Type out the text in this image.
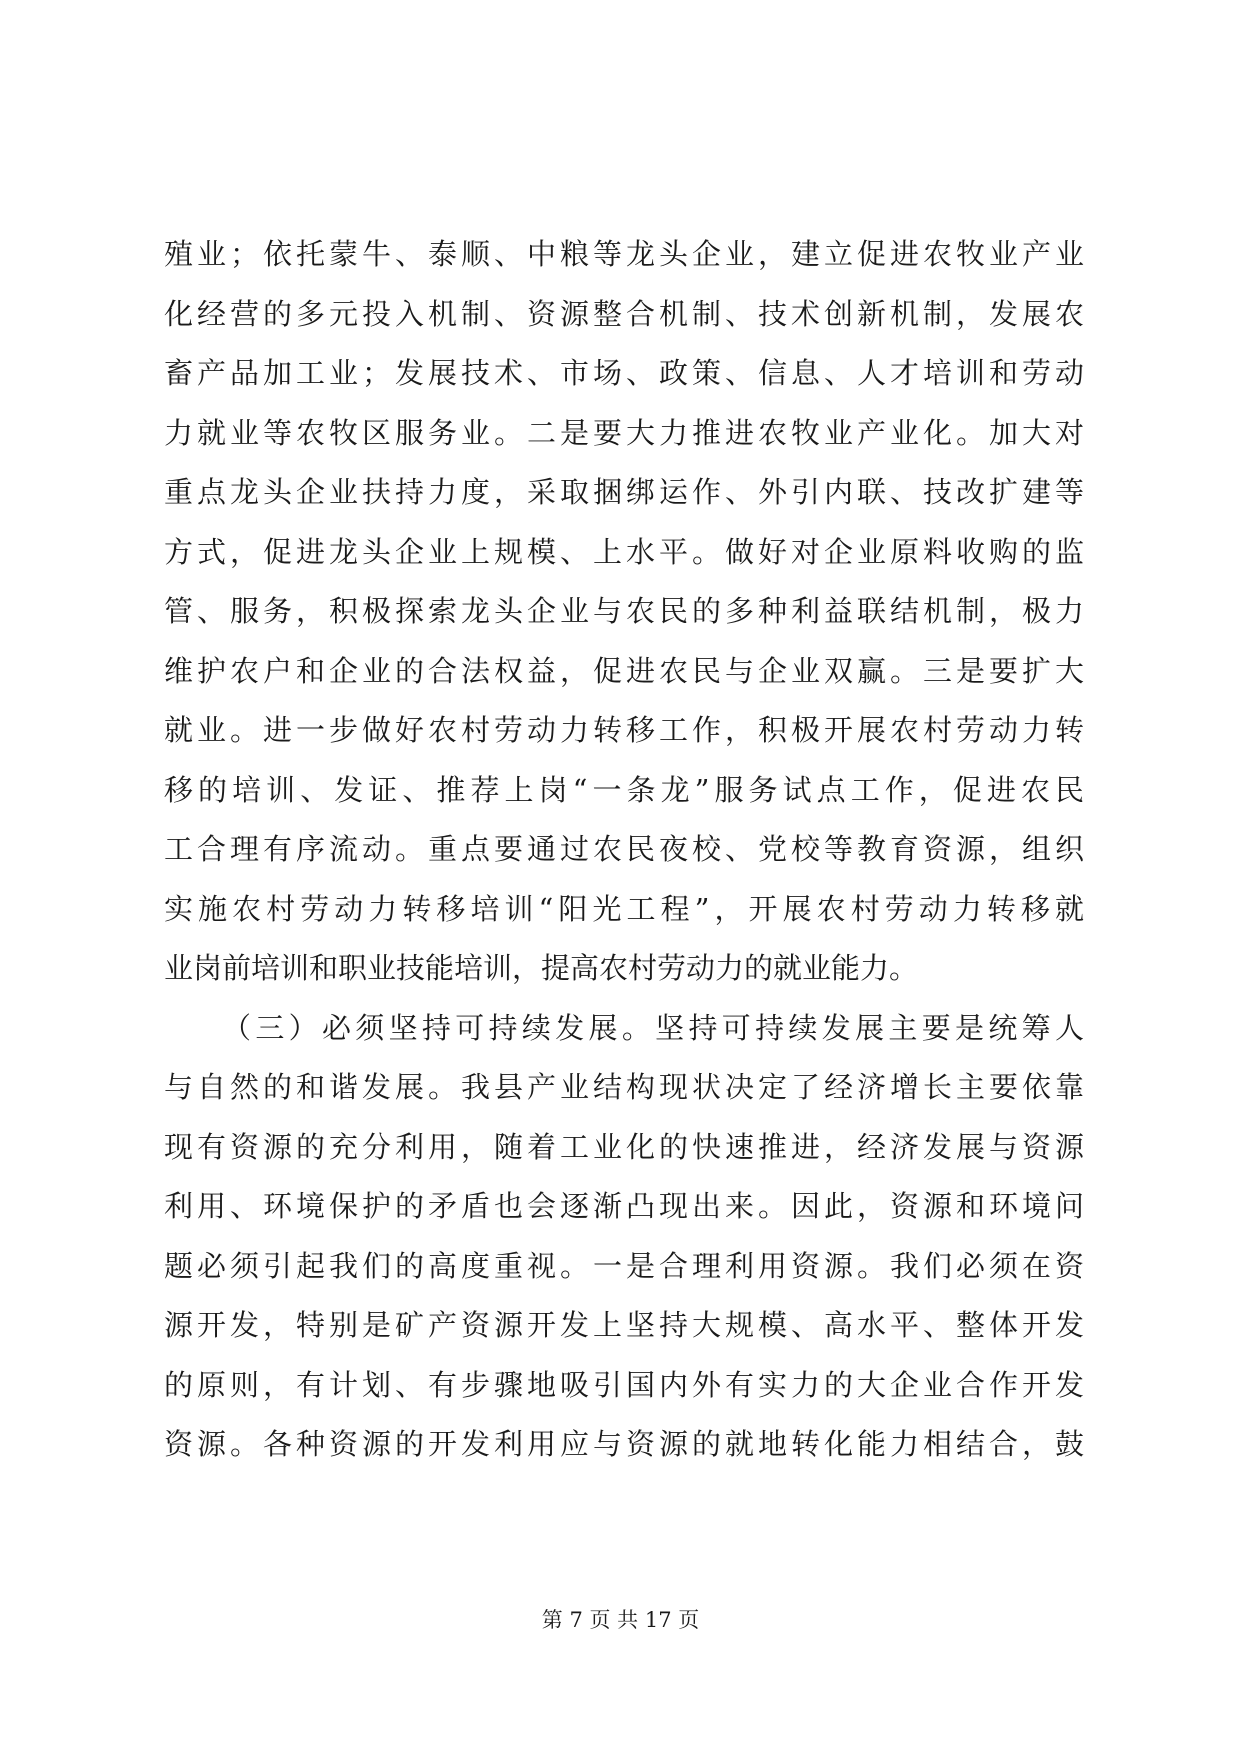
殖业；依托蒙牛、泰顺、中粮等龙头企业，建立促进农牧业产业
化经营的多元投入机制、资源整合机制、技术创新机制，发展农
畜产品加工业；发展技术、市场、政策、信息、人才培训和劳动
力就业等农牧区服务业。二是要大力推进农牧业产业化。加大对
重点龙头企业扶持力度，采取捆绑运作、外引内联、技改扩建等
方式，促进龙头企业上规模、上水平。做好对企业原料收购的监
管、服务，积极探索龙头企业与农民的多种利益联结机制，极力
维护农户和企业的合法权益，促进农民与企业双赢。三是要扩大
就业。进一步做好农村劳动力转移工作，积极开展农村劳动力转
移的培训、发证、推荐上岗“一条龙”服务试点工作，促进农民
工合理有序流动。重点要通过农民夜校、党校等教育资源，组织
实施农村劳动力转移培训“阳光工程”，开展农村劳动力转移就
业岗前培训和职业技能培训，提高农村劳动力的就业能力。
（三）必须坚持可持续发展。坚持可持续发展主要是统筹人
与自然的和谐发展。我县产业结构现状决定了经济增长主要依靠
现有资源的充分利用，随着工业化的快速推进，经济发展与资源
利用、环境保护的矛盾也会逐渐凸现出来。因此，资源和环境问
题必须引起我们的高度重视。一是合理利用资源。我们必须在资
源开发，特别是矿产资源开发上坚持大规模、高水平、整体开发
的原则，有计划、有步骤地吸引国内外有实力的大企业合作开发
资源。各种资源的开发利用应与资源的就地转化能力相结合，鼓
第 7 页 共 17 页
